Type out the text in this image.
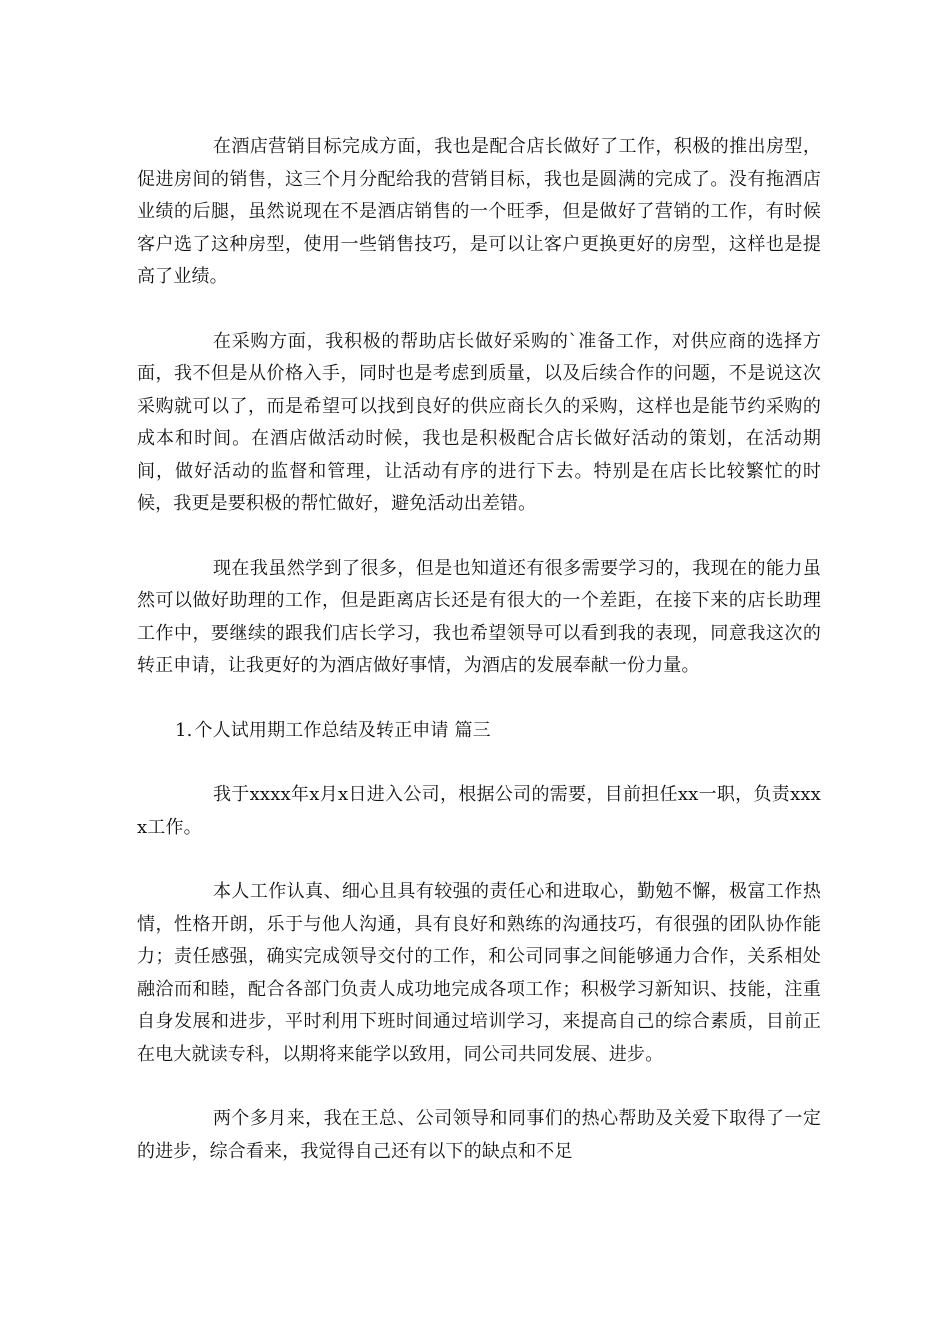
在酒店营销目标完成方面，我也是配合店长做好了工作，积极的推出房型，促进房间的销售，这三个月分配给我的营销目标，我也是圆满的完成了。没有拖酒店业绩的后腿，虽然说现在不是酒店销售的一个旺季，但是做好了营销的工作，有时候客户选了这种房型，使用一些销售技巧，是可以让客户更换更好的房型，这样也是提高了业绩。

在采购方面，我积极的帮助店长做好采购的`准备工作，对供应商的选择方面，我不但是从价格入手，同时也是考虑到质量，以及后续合作的问题，不是说这次采购就可以了，而是希望可以找到良好的供应商长久的采购，这样也是能节约采购的成本和时间。在酒店做活动时候，我也是积极配合店长做好活动的策划，在活动期间，做好活动的监督和管理，让活动有序的进行下去。特别是在店长比较繁忙的时候，我更是要积极的帮忙做好，避免活动出差错。

现在我虽然学到了很多，但是也知道还有很多需要学习的，我现在的能力虽然可以做好助理的工作，但是距离店长还是有很大的一个差距，在接下来的店长助理工作中，要继续的跟我们店长学习，我也希望领导可以看到我的表现，同意我这次的转正申请，让我更好的为酒店做好事情，为酒店的发展奉献一份力量。

1. 个人试用期工作总结及转正申请 篇三

我于xxxx年x月x日进入公司，根据公司的需要，目前担任xx一职，负责xxxx工作。

本人工作认真、细心且具有较强的责任心和进取心，勤勉不懈，极富工作热情，性格开朗，乐于与他人沟通，具有良好和熟练的沟通技巧，有很强的团队协作能力；责任感强，确实完成领导交付的工作，和公司同事之间能够通力合作，关系相处融洽而和睦，配合各部门负责人成功地完成各项工作；积极学习新知识、技能，注重自身发展和进步，平时利用下班时间通过培训学习，来提高自己的综合素质，目前正在电大就读专科，以期将来能学以致用，同公司共同发展、进步。

两个多月来，我在王总、公司领导和同事们的热心帮助及关爱下取得了一定的进步，综合看来，我觉得自己还有以下的缺点和不足
